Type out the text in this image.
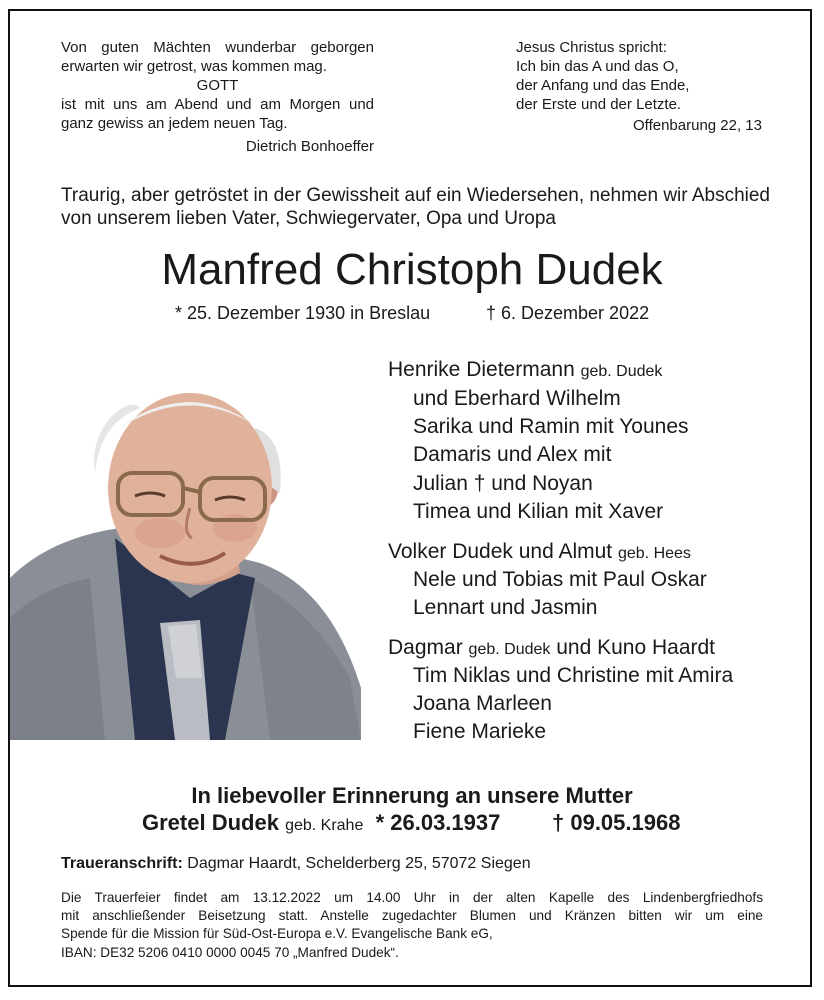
Von guten Mächten wunderbar geborgen
erwarten wir getrost, was kommen mag.
GOTT
ist mit uns am Abend und am Morgen und
ganz gewiss an jedem neuen Tag.
Dietrich Bonhoeffer
Jesus Christus spricht:
Ich bin das A und das O,
der Anfang und das Ende,
der Erste und der Letzte.
Offenbarung 22, 13
Traurig, aber getröstet in der Gewissheit auf ein Wiedersehen, nehmen wir Abschied
von unserem lieben Vater, Schwiegervater, Opa und Uropa
Manfred Christoph Dudek
* 25. Dezember 1930 in Breslau	† 6. Dezember 2022
Henrike Dietermann geb. Dudek
und Eberhard Wilhelm
Sarika und Ramin mit Younes
Damaris und Alex mit
Julian † und Noyan
Timea und Kilian mit Xaver
Volker Dudek und Almut geb. Hees
Nele und Tobias mit Paul Oskar
Lennart und Jasmin
Dagmar geb. Dudek und Kuno Haardt
Tim Niklas und Christine mit Amira
Joana Marleen
Fiene Marieke
In liebevoller Erinnerung an unsere Mutter
Gretel Dudek geb. Krahe * 26.03.1937 † 09.05.1968
Traueranschrift: Dagmar Haardt, Schelderberg 25, 57072 Siegen
Die Trauerfeier findet am 13.12.2022 um 14.00 Uhr in der alten Kapelle des Lindenbergfriedhofs
mit anschließender Beisetzung statt. Anstelle zugedachter Blumen und Kränzen bitten wir um eine
Spende für die Mission für Süd-Ost-Europa e.V. Evangelische Bank eG,
IBAN: DE32 5206 0410 0000 0045 70 „Manfred Dudek“.
